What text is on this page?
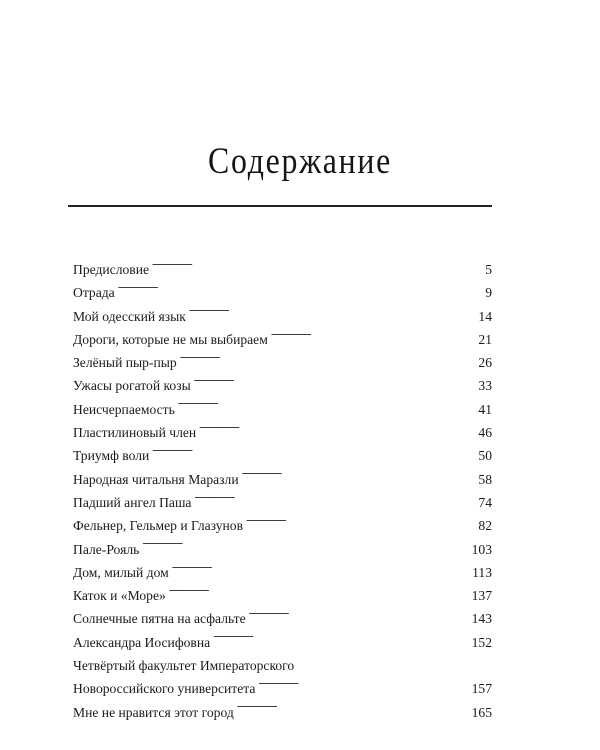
Содержание
Предисловие . . .	5
Отрада . . .	9
Мой одесский язык . . .	14
Дороги, которые не мы выбираем . . .	21
Зелёный пыр-пыр . . .	26
Ужасы рогатой козы . . .	33
Неисчерпаемость . . .	41
Пластилиновый член . . .	46
Триумф воли . . .	50
Народная читальня Маразли . . .	58
Падший ангел Паша . . .	74
Фельнер, Гельмер и Глазунов . . .	82
Пале-Рояль . . .	103
Дом, милый дом . . .	113
Каток и «Море» . . .	137
Солнечные пятна на асфальте . . .	143
Александра Иосифовна . . .	152
Четвёртый факультет Императорского
Новороссийского университета . . .	157
Мне не нравится этот город . . .	165
